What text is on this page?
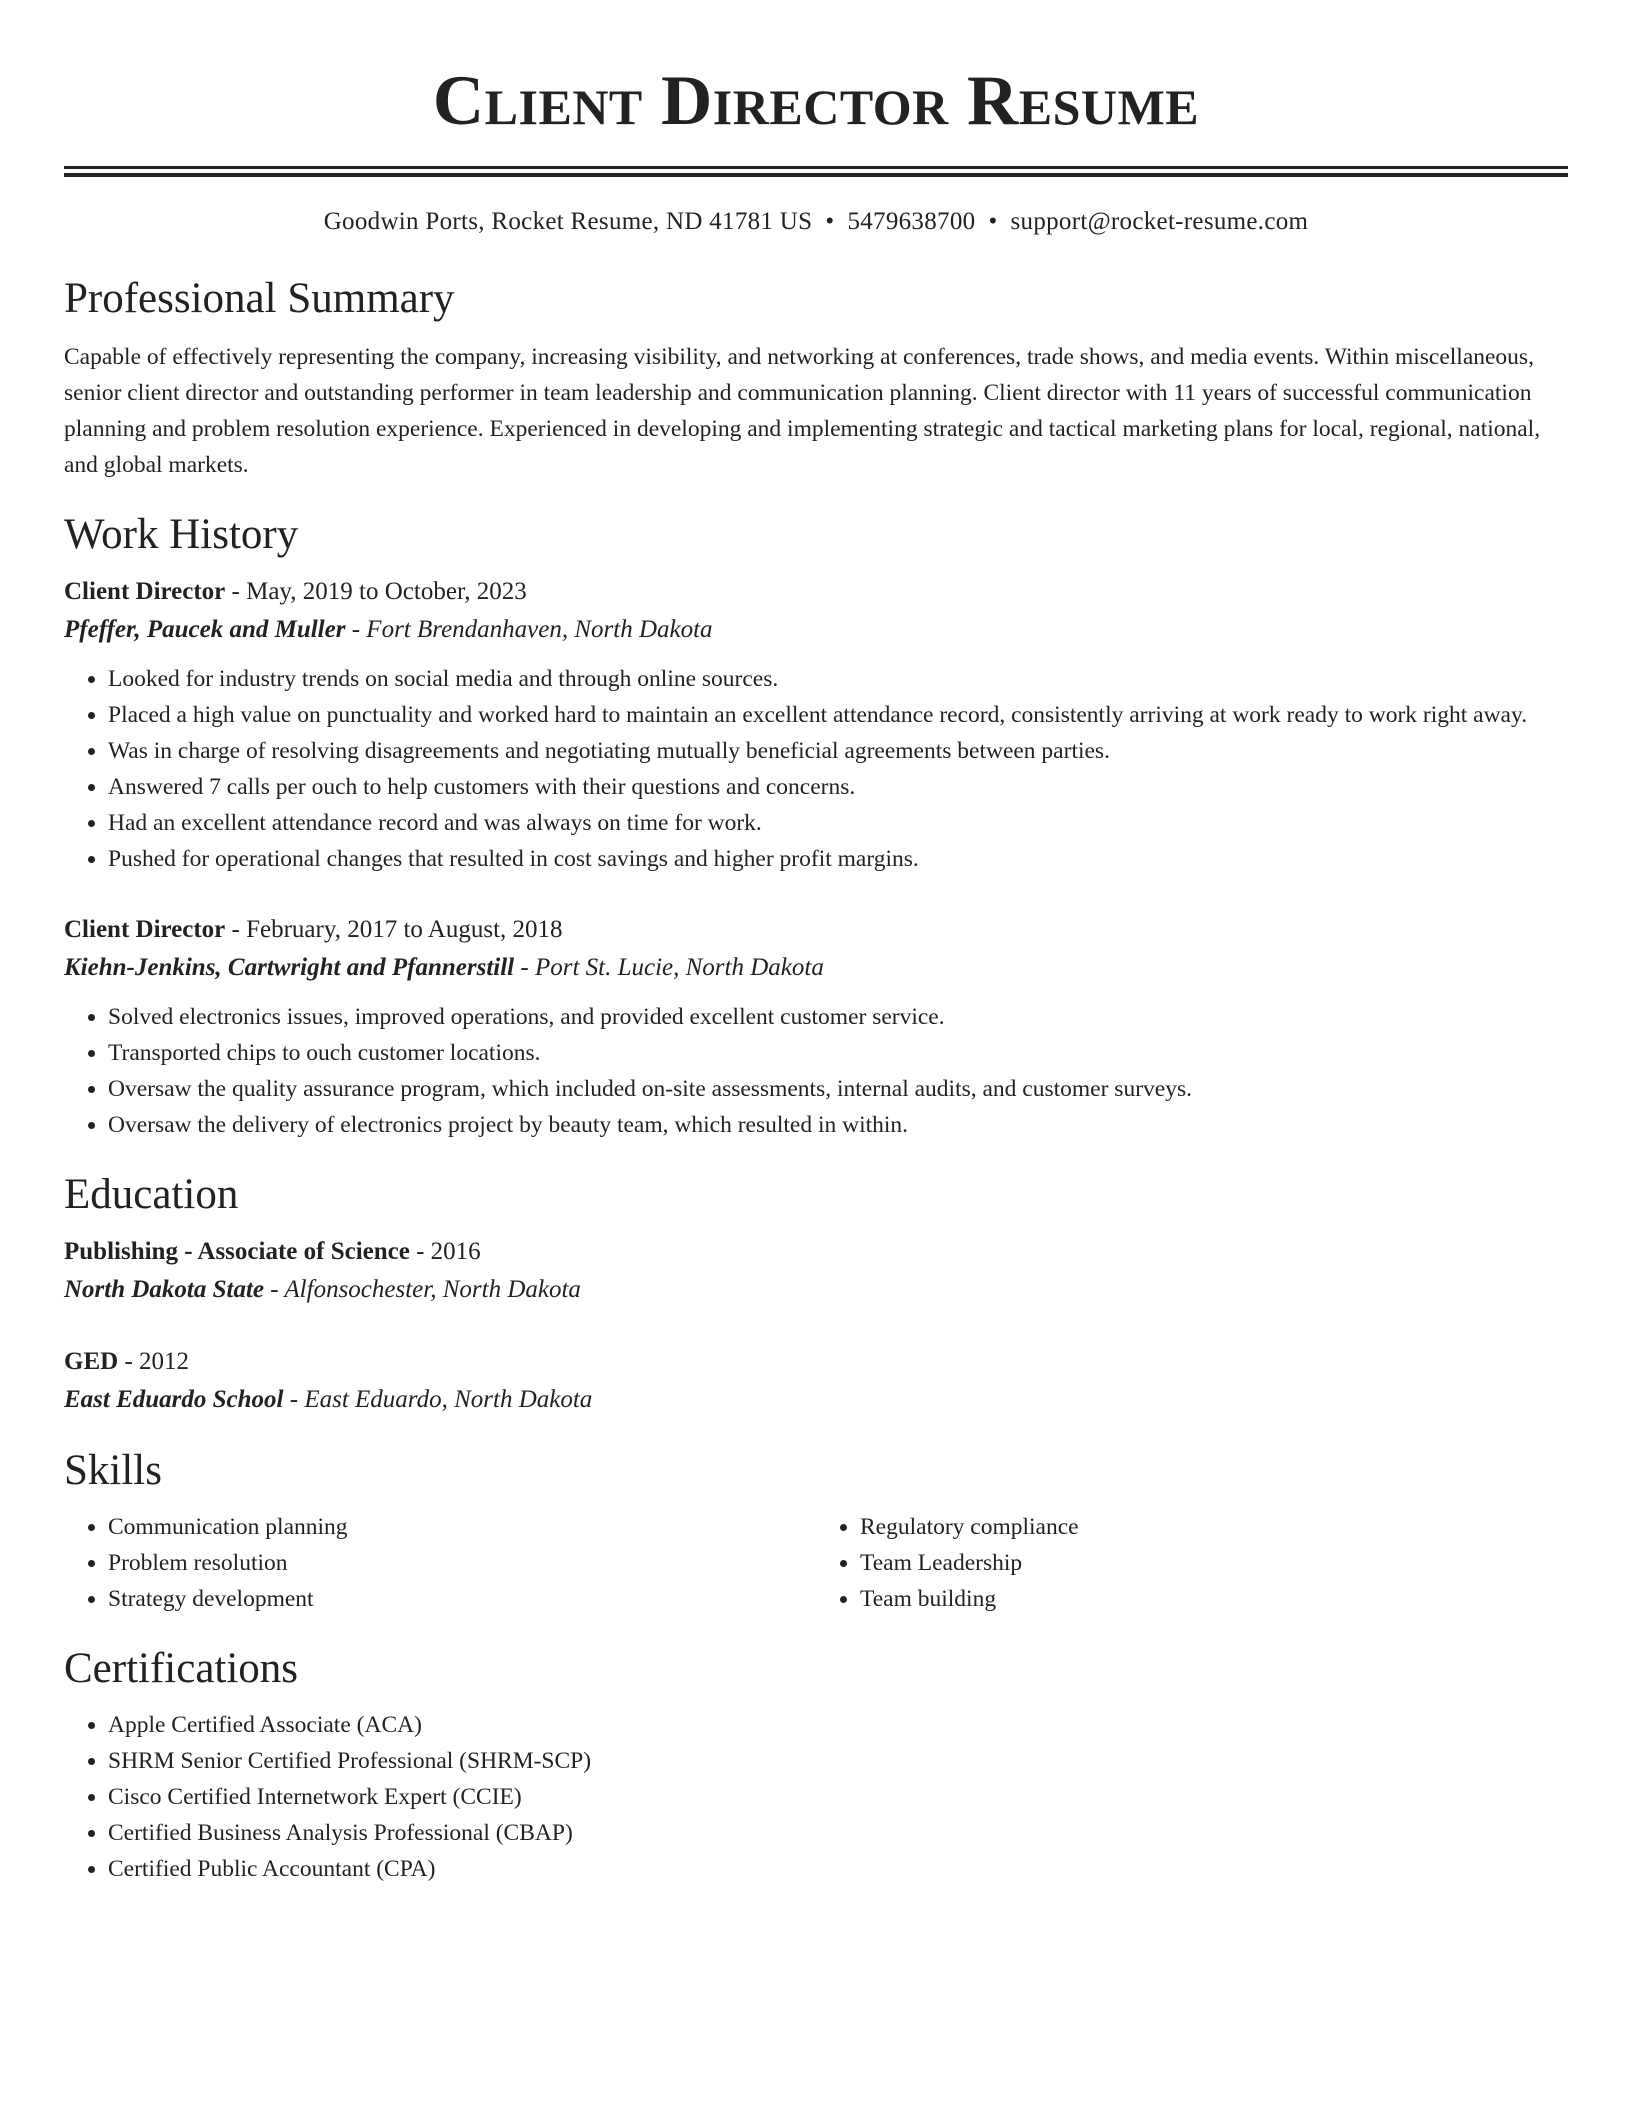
Client Director Resume
Goodwin Ports, Rocket Resume, ND 41781 US • 5479638700 • support@rocket-resume.com
Professional Summary

Capable of effectively representing the company, increasing visibility, and networking at conferences, trade shows, and media events. Within miscellaneous, senior client director and outstanding performer in team leadership and communication planning. Client director with 11 years of successful communication planning and problem resolution experience. Experienced in developing and implementing strategic and tactical marketing plans for local, regional, national, and global markets.

Work History
Client Director - May, 2019 to October, 2023
Pfeffer, Paucek and Muller - Fort Brendanhaven, North Dakota
• Looked for industry trends on social media and through online sources.
• Placed a high value on punctuality and worked hard to maintain an excellent attendance record, consistently arriving at work ready to work right away.
• Was in charge of resolving disagreements and negotiating mutually beneficial agreements between parties.
• Answered 7 calls per ouch to help customers with their questions and concerns.
• Had an excellent attendance record and was always on time for work.
• Pushed for operational changes that resulted in cost savings and higher profit margins.
Client Director - February, 2017 to August, 2018
Kiehn-Jenkins, Cartwright and Pfannerstill - Port St. Lucie, North Dakota
• Solved electronics issues, improved operations, and provided excellent customer service.
• Transported chips to ouch customer locations.
• Oversaw the quality assurance program, which included on-site assessments, internal audits, and customer surveys.
• Oversaw the delivery of electronics project by beauty team, which resulted in within.
Education
Publishing - Associate of Science - 2016
North Dakota State - Alfonsochester, North Dakota
GED - 2012
East Eduardo School - East Eduardo, North Dakota
Skills
• Communication planning
• Problem resolution
• Strategy development
• Regulatory compliance
• Team Leadership
• Team building
Certifications
• Apple Certified Associate (ACA)
• SHRM Senior Certified Professional (SHRM-SCP)
• Cisco Certified Internetwork Expert (CCIE)
• Certified Business Analysis Professional (CBAP)
• Certified Public Accountant (CPA)
